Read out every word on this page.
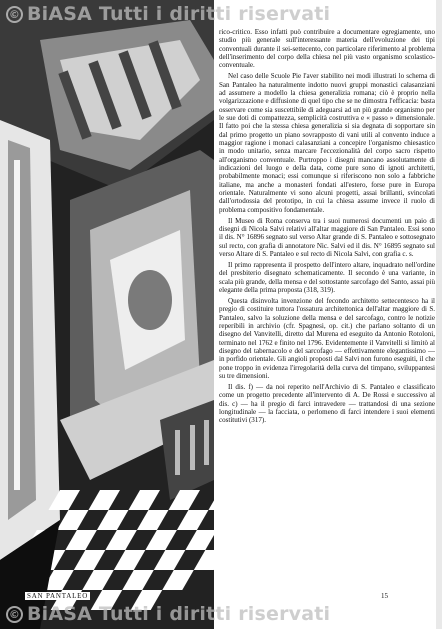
© BiASA Tutti i diritti riservati

rico-critico. Esso infatti può contribuire a documentare egregiamente, uno studio più generale sull'interessante materia dell'evoluzione dei tipi conventuali durante il sei-settecento, con particolare riferimento al problema dell'inserimento del corpo della chiesa nel più vasto organismo scolastico-conventuale.

Nel caso delle Scuole Pie l'aver stabilito nei modi illustrati lo schema di San Pantaleo ha naturalmente indotto nuovi gruppi monastici calasanziani ad assumere a modello la chiesa generalizia romana; ciò è proprio nella volgarizzazione e diffusione di quel tipo che se ne dimostra l'efficacia: basta osservare come sia suscettibile di adeguarsi ad un più grande organismo per le sue doti di compattezza, semplicità costruttiva e « passo » dimensionale. Il fatto poi che la stessa chiesa generalizia si sia degnata di sopportare sin dal primo progetto un piano sovrapposto di vani utili al convento induce a maggior ragione i monaci calasanziani a concepire l'organismo chiesastico in modo unitario, senza marcare l'eccezionalità del corpo sacro rispetto all'organismo conventuale. Purtroppo i disegni mancano assolutamente di indicazioni del luogo e della data, come pure sono di ignoti architetti, probabilmente monaci; essi comunque si riferiscono non solo a fabbriche italiane, ma anche a monasteri fondati all'estero, forse pure in Europa orientale. Naturalmente vi sono alcuni progetti, assai brillanti, svincolati dall'ortodossia del prototipo, in cui la chiesa assume invece il ruolo di problema compositivo fondamentale.

Il Museo di Roma conserva tra i suoi numerosi documenti un paio di disegni di Nicola Salvi relativi all'altar maggiore di San Pantaleo. Essi sono il dis. N° 16896 segnato sul verso Altar grande di S. Pantaleo e sottosegnato sul recto, con grafia di annotatore Nic. Salvi ed il dis. N° 16895 segnato sul verso Altare di S. Pantaleo e sul recto di Nicola Salvi, con grafia c. s.

Il primo rappresenta il prospetto dell'intero altare, inquadrato nell'ordine del presbiterio disegnato schematicamente. Il secondo è una variante, in scala più grande, della mensa e del sottostante sarcofago del Santo, assai più elegante della prima proposta (318, 319).

Questa disinvolta invenzione del fecondo architetto settecentesco ha il pregio di costituire tuttora l'ossatura architettonica dell'altar maggiore di S. Pantaleo, salvo la soluzione della mensa e del sarcofago, contro le notizie reperibili in archivio (cfr. Spagnesi, op. cit.) che parlano soltanto di un disegno del Vanvitelli, diretto dal Murena ed eseguito da Antonio Rotoloni, terminato nel 1762 e finito nel 1796. Evidentemente il Vanvitelli si limitò al disegno del tabernacolo e del sarcofago — effettivamente elegantissimo — in porfido orientale. Gli angioli proposti dal Salvi non furono eseguiti, il che pone troppo in evidenza l'irregolarità della curva del timpano, sviluppantesi su tre dimensioni.

Il dis. f) — da noi reperito nell'Archivio di S. Pantaleo e classificato come un progetto precedente all'intervento di A. De Rossi e successivo al dis. c) — ha il pregio di farci intravedere — trattandosi di una sezione longitudinale — la facciata, o perlomeno di farci intendere i suoi elementi costitutivi (317).

SAN PANTALEO	15
© BiASA Tutti i diritti riservati
